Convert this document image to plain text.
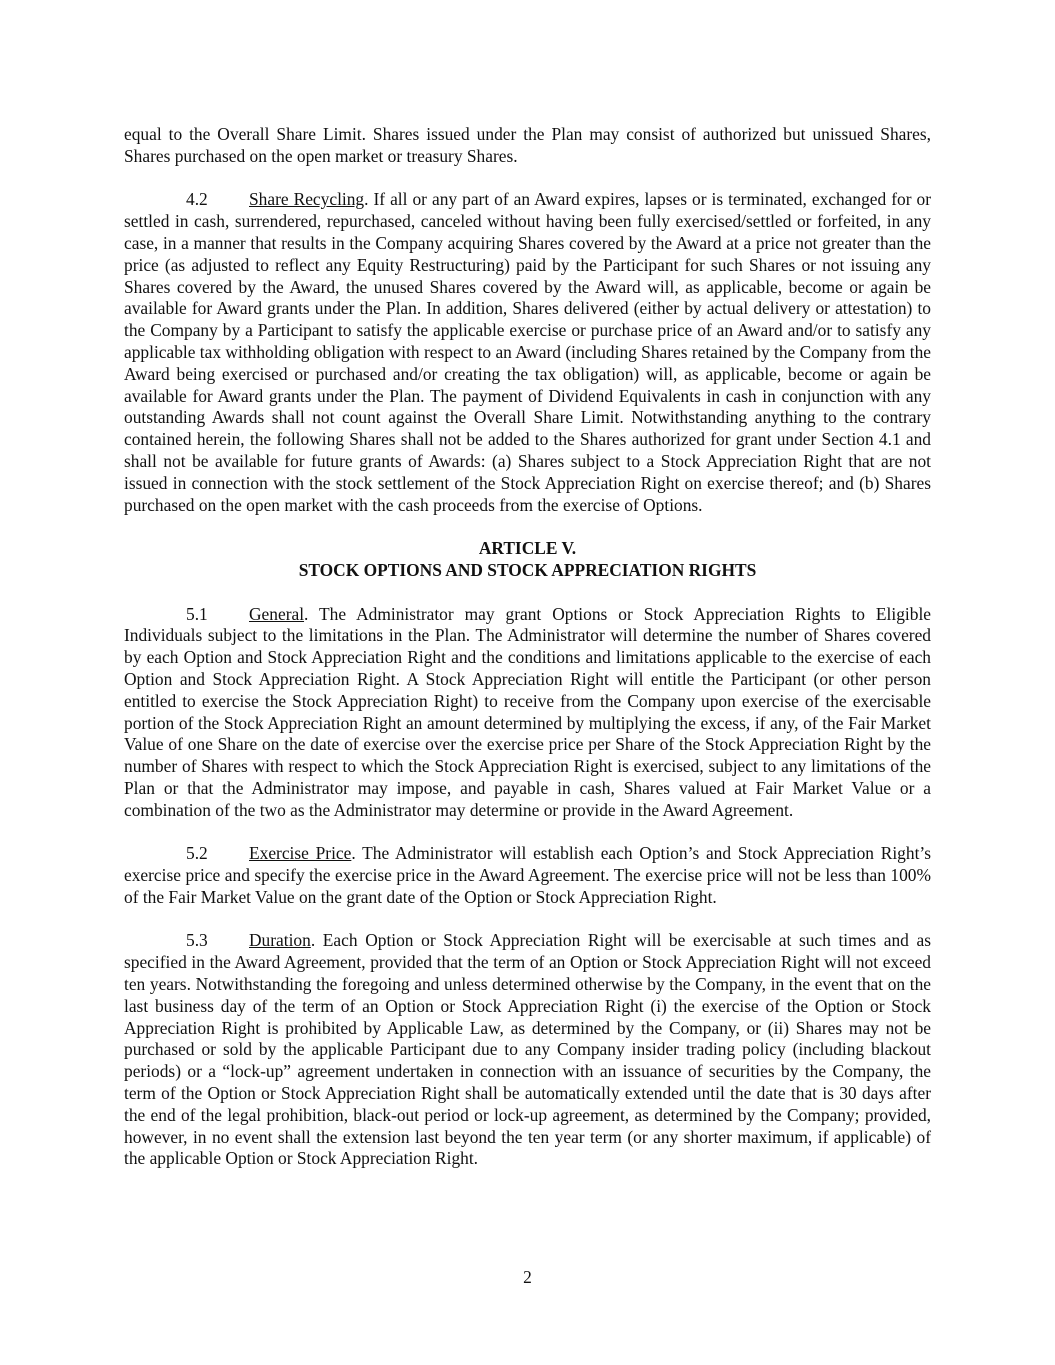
equal to the Overall Share Limit. Shares issued under the Plan may consist of authorized but unissued Shares, Shares purchased on the open market or treasury Shares.

4.2 Share Recycling. If all or any part of an Award expires, lapses or is terminated, exchanged for or settled in cash, surrendered, repurchased, canceled without having been fully exercised/settled or forfeited, in any case, in a manner that results in the Company acquiring Shares covered by the Award at a price not greater than the price (as adjusted to reflect any Equity Restructuring) paid by the Participant for such Shares or not issuing any Shares covered by the Award, the unused Shares covered by the Award will, as applicable, become or again be available for Award grants under the Plan. In addition, Shares delivered (either by actual delivery or attestation) to the Company by a Participant to satisfy the applicable exercise or purchase price of an Award and/or to satisfy any applicable tax withholding obligation with respect to an Award (including Shares retained by the Company from the Award being exercised or purchased and/or creating the tax obligation) will, as applicable, become or again be available for Award grants under the Plan. The payment of Dividend Equivalents in cash in conjunction with any outstanding Awards shall not count against the Overall Share Limit. Notwithstanding anything to the contrary contained herein, the following Shares shall not be added to the Shares authorized for grant under Section 4.1 and shall not be available for future grants of Awards: (a) Shares subject to a Stock Appreciation Right that are not issued in connection with the stock settlement of the Stock Appreciation Right on exercise thereof; and (b) Shares purchased on the open market with the cash proceeds from the exercise of Options.

ARTICLE V.
STOCK OPTIONS AND STOCK APPRECIATION RIGHTS

5.1 General. The Administrator may grant Options or Stock Appreciation Rights to Eligible Individuals subject to the limitations in the Plan. The Administrator will determine the number of Shares covered by each Option and Stock Appreciation Right and the conditions and limitations applicable to the exercise of each Option and Stock Appreciation Right. A Stock Appreciation Right will entitle the Participant (or other person entitled to exercise the Stock Appreciation Right) to receive from the Company upon exercise of the exercisable portion of the Stock Appreciation Right an amount determined by multiplying the excess, if any, of the Fair Market Value of one Share on the date of exercise over the exercise price per Share of the Stock Appreciation Right by the number of Shares with respect to which the Stock Appreciation Right is exercised, subject to any limitations of the Plan or that the Administrator may impose, and payable in cash, Shares valued at Fair Market Value or a combination of the two as the Administrator may determine or provide in the Award Agreement.

5.2 Exercise Price. The Administrator will establish each Option’s and Stock Appreciation Right’s exercise price and specify the exercise price in the Award Agreement. The exercise price will not be less than 100% of the Fair Market Value on the grant date of the Option or Stock Appreciation Right.

5.3 Duration. Each Option or Stock Appreciation Right will be exercisable at such times and as specified in the Award Agreement, provided that the term of an Option or Stock Appreciation Right will not exceed ten years. Notwithstanding the foregoing and unless determined otherwise by the Company, in the event that on the last business day of the term of an Option or Stock Appreciation Right (i) the exercise of the Option or Stock Appreciation Right is prohibited by Applicable Law, as determined by the Company, or (ii) Shares may not be purchased or sold by the applicable Participant due to any Company insider trading policy (including blackout periods) or a “lock-up” agreement undertaken in connection with an issuance of securities by the Company, the term of the Option or Stock Appreciation Right shall be automatically extended until the date that is 30 days after the end of the legal prohibition, black-out period or lock-up agreement, as determined by the Company; provided, however, in no event shall the extension last beyond the ten year term (or any shorter maximum, if applicable) of the applicable Option or Stock Appreciation Right.

2
